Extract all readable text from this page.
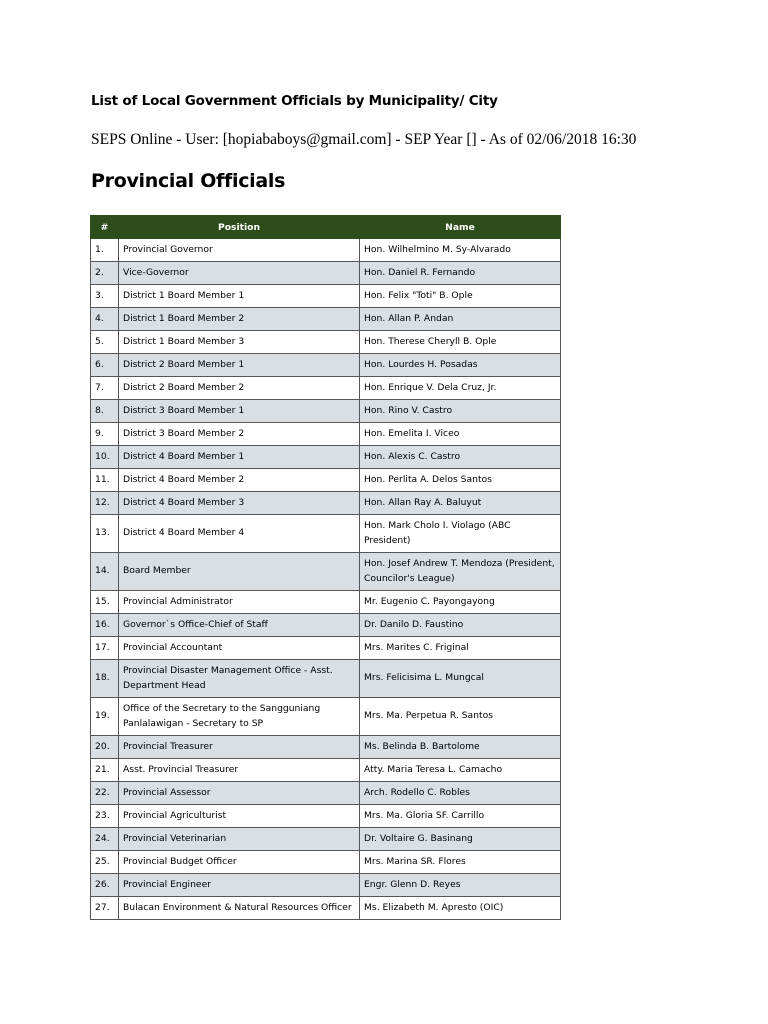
List of Local Government Officials by Municipality/ City
SEPS Online - User: [hopiababoys@gmail.com] - SEP Year [] - As of 02/06/2018 16:30
Provincial Officials
#	Position	Name
1.	Provincial Governor	Hon. Wilhelmino M. Sy-Alvarado
2.	Vice-Governor	Hon. Daniel R. Fernando
3.	District 1 Board Member 1	Hon. Felix "Toti" B. Ople
4.	District 1 Board Member 2	Hon. Allan P. Andan
5.	District 1 Board Member 3	Hon. Therese Cheryll B. Ople
6.	District 2 Board Member 1	Hon. Lourdes H. Posadas
7.	District 2 Board Member 2	Hon. Enrique V. Dela Cruz, Jr.
8.	District 3 Board Member 1	Hon. Rino V. Castro
9.	District 3 Board Member 2	Hon. Emelita I. Viceo
10.	District 4 Board Member 1	Hon. Alexis C. Castro
11.	District 4 Board Member 2	Hon. Perlita A. Delos Santos
12.	District 4 Board Member 3	Hon. Allan Ray A. Baluyut
13.	District 4 Board Member 4	Hon. Mark Cholo I. Violago (ABC President)
14.	Board Member	Hon. Josef Andrew T. Mendoza (President, Councilor's League)
15.	Provincial Administrator	Mr. Eugenio C. Payongayong
16.	Governor`s Office-Chief of Staff	Dr. Danilo D. Faustino
17.	Provincial Accountant	Mrs. Marites C. Friginal
18.	Provincial Disaster Management Office - Asst. Department Head	Mrs. Felicisima L. Mungcal
19.	Office of the Secretary to the Sangguniang Panlalawigan - Secretary to SP	Mrs. Ma. Perpetua R. Santos
20.	Provincial Treasurer	Ms. Belinda B. Bartolome
21.	Asst. Provincial Treasurer	Atty. Maria Teresa L. Camacho
22.	Provincial Assessor	Arch. Rodello C. Robles
23.	Provincial Agriculturist	Mrs. Ma. Gloria SF. Carrillo
24.	Provincial Veterinarian	Dr. Voltaire G. Basinang
25.	Provincial Budget Officer	Mrs. Marina SR. Flores
26.	Provincial Engineer	Engr. Glenn D. Reyes
27.	Bulacan Environment & Natural Resources Officer	Ms. Elizabeth M. Apresto (OIC)
